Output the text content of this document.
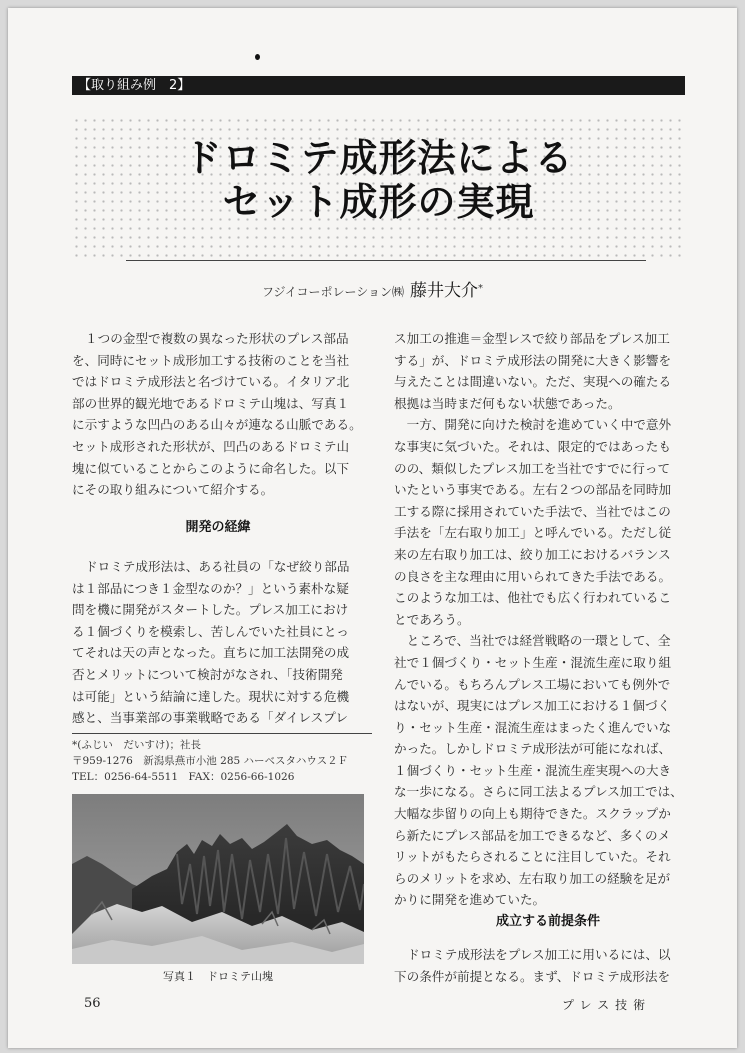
【取り組み例　2】
ドロミテ成形法による
セット成形の実現
フジイコーポレーション㈱ 藤井大介*

１つの金型で複数の異なった形状のプレス部品

を、同時にセット成形加工する技術のことを当社

ではドロミテ成形法と名づけている。イタリア北

部の世界的観光地であるドロミテ山塊は、写真１

に示すような凹凸のある山々が連なる山脈である。

セット成形された形状が、凹凸のあるドロミテ山

塊に似ていることからこのように命名した。以下

にその取り組みについて紹介する。

開発の経緯

ドロミテ成形法は、ある社員の「なぜ絞り部品

は１部品につき１金型なのか？」という素朴な疑

問を機に開発がスタートした。プレス加工におけ

る１個づくりを模索し、苦しんでいた社員にとっ

てそれは天の声となった。直ちに加工法開発の成

否とメリットについて検討がなされ、「技術開発

は可能」という結論に達した。現状に対する危機

感と、当事業部の事業戦略である「ダイレスプレ

*(ふじい　だいすけ)；社長

〒959-1276　新潟県燕市小池 285 ハーベスタハウス２Ｆ

TEL：0256-64-5511　FAX：0256-66-1026

写真１　ドロミテ山塊

ス加工の推進＝金型レスで絞り部品をプレス加工

する」が、ドロミテ成形法の開発に大きく影響を

与えたことは間違いない。ただ、実現への確たる

根拠は当時まだ何もない状態であった。

　一方、開発に向けた検討を進めていく中で意外

な事実に気づいた。それは、限定的ではあったも

のの、類似したプレス加工を当社ですでに行って

いたという事実である。左右２つの部品を同時加

工する際に採用されていた手法で、当社ではこの

手法を「左右取り加工」と呼んでいる。ただし従

来の左右取り加工は、絞り加工におけるバランス

の良さを主な理由に用いられてきた手法である。

このような加工は、他社でも広く行われているこ

とであろう。

　ところで、当社では経営戦略の一環として、全

社で１個づくり・セット生産・混流生産に取り組

んでいる。もちろんプレス工場においても例外で

はないが、現実にはプレス加工における１個づく

り・セット生産・混流生産はまったく進んでいな

かった。しかしドロミテ成形法が可能になれば、

１個づくり・セット生産・混流生産実現への大き

な一歩になる。さらに同工法よるプレス加工では、

大幅な歩留りの向上も期待できた。スクラップか

ら新たにプレス部品を加工できるなど、多くのメ

リットがもたらされることに注目していた。それ

らのメリットを求め、左右取り加工の経験を足が

かりに開発を進めていた。

成立する前提条件

ドロミテ成形法をプレス加工に用いるには、以

下の条件が前提となる。まず、ドロミテ成形法を

56	プレス技術
